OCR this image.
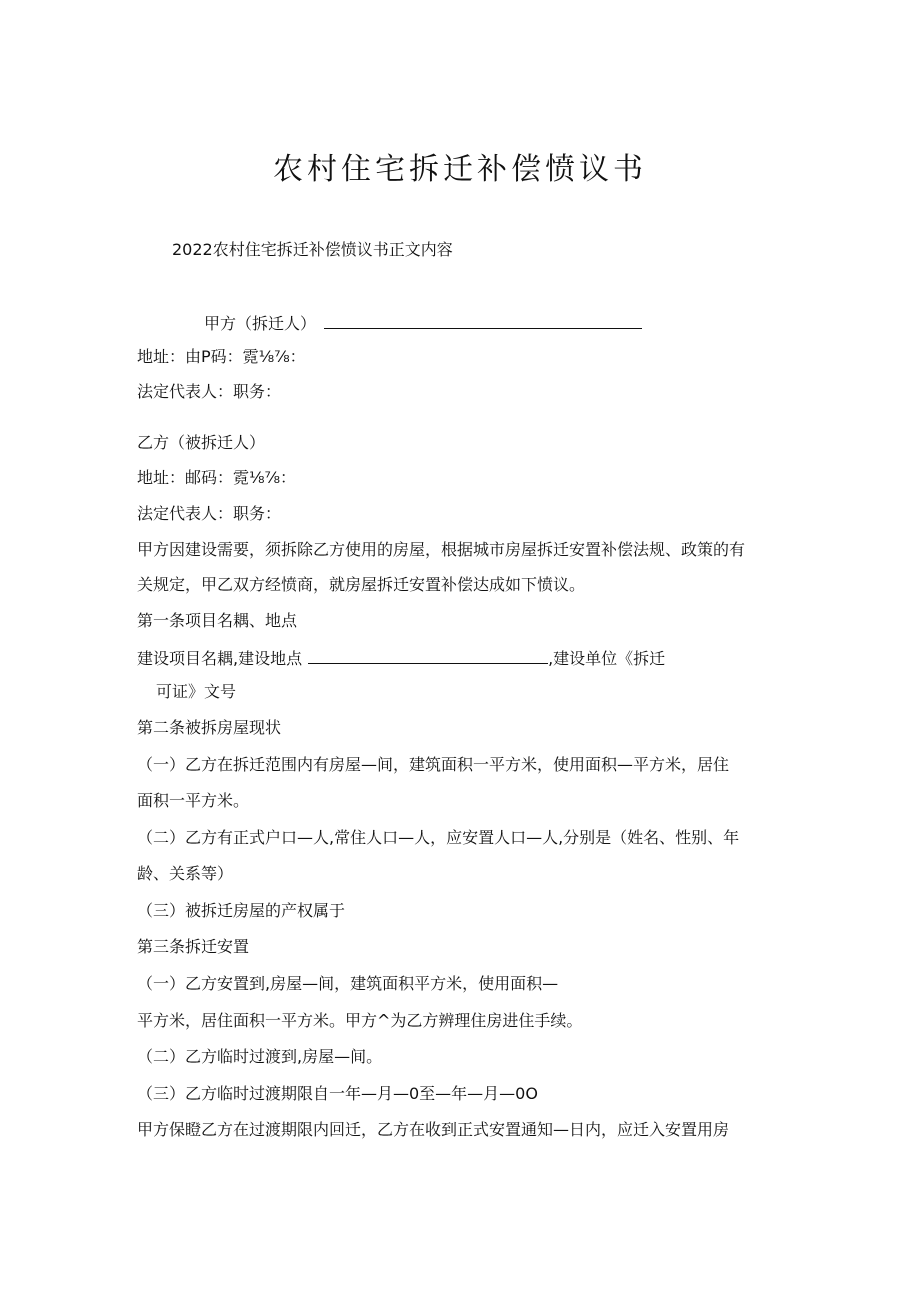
农村住宅拆迁补偿愤议书
2022农村住宅拆迁补偿愤议书正文内容
甲方（拆迁人）
地址：由P码：霓⅛⅞：
法定代表人：职务：
乙方（被拆迁人）
地址：邮码：霓⅛⅞：
法定代表人：职务：
甲方因建设需要，须拆除乙方使用的房屋，根据城市房屋拆迁安置补偿法规、政策的有
关规定，甲乙双方经愤商，就房屋拆迁安置补偿达成如下愤议。
第一条项目名耦、地点
建设项目名耦,建设地点	,建设单位《拆迁
可证》文号
第二条被拆房屋现状
（一）乙方在拆迁范围内有房屋—间，建筑面积一平方米，使用面积—平方米，居住
面积一平方米。
（二）乙方有正式户口—人,常住人口—人，应安置人口—人,分别是（姓名、性别、年
龄、关系等）
（三）被拆迁房屋的产权属于
第三条拆迁安置
（一）乙方安置到,房屋—间，建筑面积平方米，使用面积—
平方米，居住面积一平方米。甲方^为乙方辨理住房进住手续。
（二）乙方临时过渡到,房屋—间。
（三）乙方临时过渡期限自一年—月—0至—年—月—0O
甲方保瞪乙方在过渡期限内回迁，乙方在收到正式安置通知—日内，应迁入安置用房
